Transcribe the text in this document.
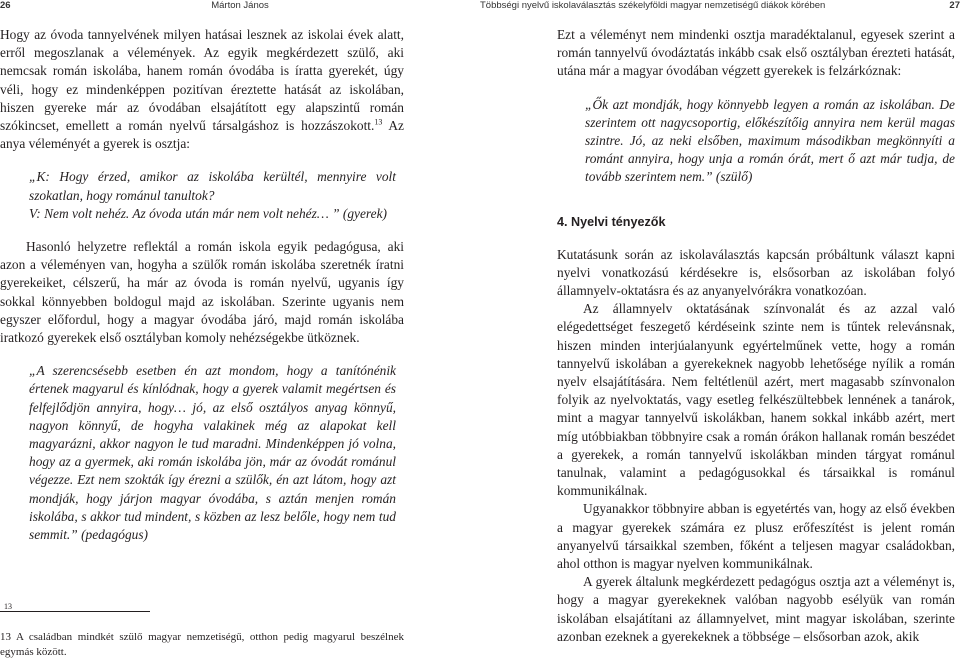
26	Márton János

Hogy az óvoda tannyelvének milyen hatásai lesznek az iskolai évek alatt, erről megoszlanak a vélemények. Az egyik megkérdezett szülő, aki nemcsak román iskolába, hanem román óvodába is íratta gyerekét, úgy véli, hogy ez mindenképpen pozitívan éreztette hatását az iskolában, hiszen gyereke már az óvodában elsajátított egy alapszintű román szókincset, emellett a román nyelvű társalgáshoz is hozzászokott.$^{13}$ Az anya véleményét a gyerek is osztja:

„K: Hogy érzed, amikor az iskolába kerültél, mennyire volt szokatlan, hogy románul tanultok?

V: Nem volt nehéz. Az óvoda után már nem volt nehéz… ” (gyerek)

Hasonló helyzetre reflektál a román iskola egyik pedagógusa, aki azon a véleményen van, hogyha a szülők román iskolába szeretnék íratni gyerekeiket, célszerű, ha már az óvoda is román nyelvű, ugyanis így sokkal könnyebben boldogul majd az iskolában. Szerinte ugyanis nem egyszer előfordul, hogy a magyar óvodába járó, majd román iskolába iratkozó gyerekek első osztályban komoly nehézségekbe ütköznek.

„A szerencsésebb esetben én azt mondom, hogy a tanítónénik értenek magyarul és kínlódnak, hogy a gyerek valamit megértsen és felfejlődjön annyira, hogy… jó, az első osztályos anyag könnyű, nagyon könnyű, de hogyha valakinek még az alapokat kell magyarázni, akkor nagyon le tud maradni. Mindenképpen jó volna, hogy az a gyermek, aki román iskolába jön, már az óvodát románul végezze. Ezt nem szokták így érezni a szülők, én azt látom, hogy azt mondják, hogy járjon magyar óvodába, s aztán menjen román iskolába, s akkor tud mindent, s közben az lesz belőle, hogy nem tud semmit.” (pedagógus)

13

13 A családban mindkét szülő magyar nemzetiségű, otthon pedig magyarul beszélnek egymás között.

Többségi nyelvű iskolaválasztás székelyföldi magyar nemzetiségű diákok körében	27

Ezt a véleményt nem mindenki osztja maradéktalanul, egyesek szerint a román tannyelvű óvodáztatás inkább csak első osztályban érezteti hatását, utána már a magyar óvodában végzett gyerekek is felzárkóznak:

„Ők azt mondják, hogy könnyebb legyen a román az iskolában. De szerintem ott nagycsoportig, előkészítőig annyira nem kerül magas szintre. Jó, az neki elsőben, maximum másodikban megkönnyíti a románt annyira, hogy unja a román órát, mert ő azt már tudja, de tovább szerintem nem.” (szülő)

4. Nyelvi tényezők

Kutatásunk során az iskolaválasztás kapcsán próbáltunk választ kapni nyelvi vonatkozású kérdésekre is, elsősorban az iskolában folyó államnyelv-oktatásra és az anyanyelvórákra vonatkozóan.

Az államnyelv oktatásának színvonalát és az azzal való elégedettséget feszegető kérdéseink szinte nem is tűntek relevánsnak, hiszen minden interjúalanyunk egyértelműnek vette, hogy a román tannyelvű iskolában a gyerekeknek nagyobb lehetősége nyílik a román nyelv elsajátítására. Nem feltétlenül azért, mert magasabb színvonalon folyik az nyelvoktatás, vagy esetleg felkészültebbek lennének a tanárok, mint a magyar tannyelvű iskolákban, hanem sokkal inkább azért, mert míg utóbbiakban többnyire csak a román órákon hallanak román beszédet a gyerekek, a román tannyelvű iskolákban minden tárgyat románul tanulnak, valamint a pedagógusokkal és társaikkal is románul kommunikálnak.

Ugyanakkor többnyire abban is egyetértés van, hogy az első években a magyar gyerekek számára ez plusz erőfeszítést is jelent román anyanyelvű társaikkal szemben, főként a teljesen magyar családokban, ahol otthon is magyar nyelven kommunikálnak.

A gyerek általunk megkérdezett pedagógus osztja azt a véleményt is, hogy a magyar gyerekeknek valóban nagyobb esélyük van román iskolában elsajátítani az államnyelvet, mint magyar iskolában, szerinte azonban ezeknek a gyerekeknek a többsége – elsősorban azok, akik
